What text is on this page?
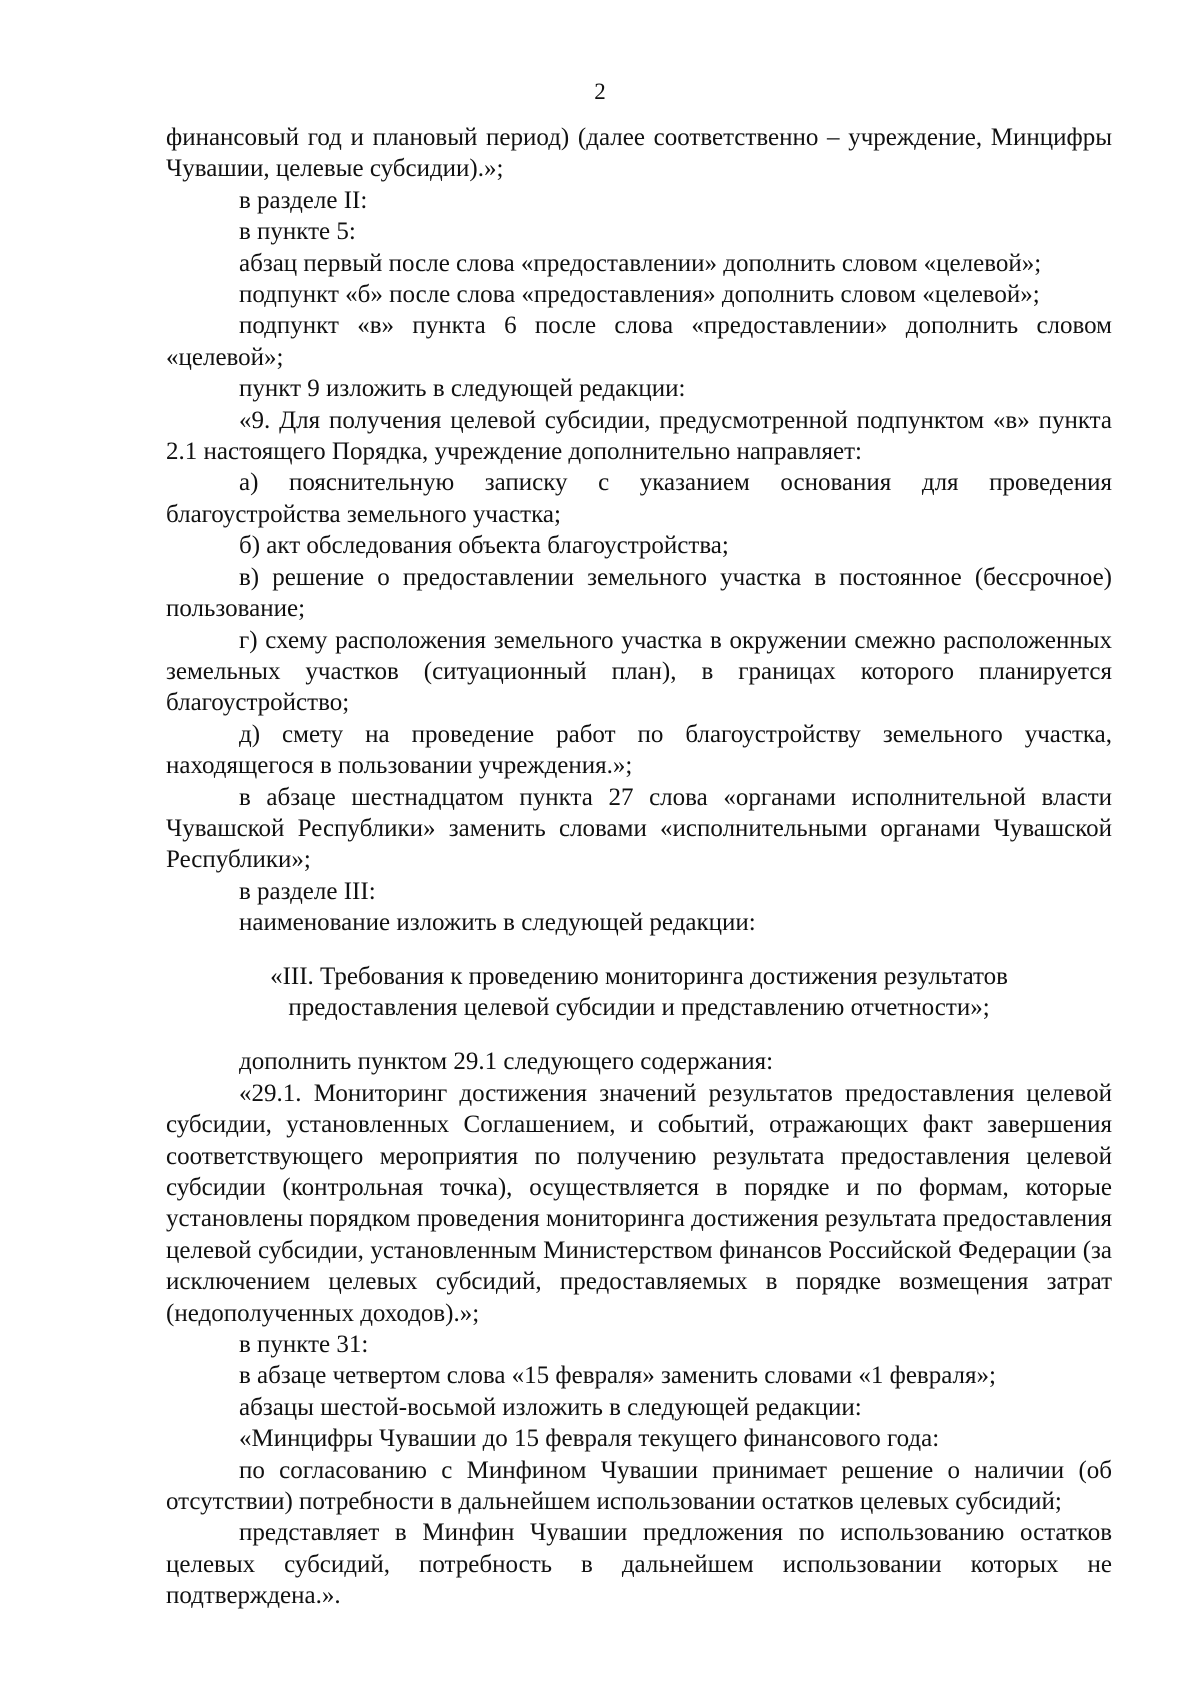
2

финансовый год и плановый период) (далее соответственно – учреждение, Минцифры Чувашии, целевые субсидии).»;

в разделе II:

в пункте 5:

абзац первый после слова «предоставлении» дополнить словом «целевой»;

подпункт «б» после слова «предоставления» дополнить словом «целевой»;

подпункт «в» пункта 6 после слова «предоставлении» дополнить словом «целевой»;

пункт 9 изложить в следующей редакции:

«9. Для получения целевой субсидии, предусмотренной подпунктом «в» пункта 2.1 настоящего Порядка, учреждение дополнительно направляет:

а) пояснительную записку с указанием основания для проведения благоустройства земельного участка;

б) акт обследования объекта благоустройства;

в) решение о предоставлении земельного участка в постоянное (бессрочное) пользование;

г) схему расположения земельного участка в окружении смежно расположенных земельных участков (ситуационный план), в границах которого планируется благоустройство;

д) смету на проведение работ по благоустройству земельного участка, находящегося в пользовании учреждения.»;

в абзаце шестнадцатом пункта 27 слова «органами исполнительной власти Чувашской Республики» заменить словами «исполнительными органами Чувашской Республики»;

в разделе III:

наименование изложить в следующей редакции:

«III. Требования к проведению мониторинга достижения результатов
предоставления целевой субсидии и представлению отчетности»;

дополнить пунктом 29.1 следующего содержания:

«29.1. Мониторинг достижения значений результатов предоставления целевой субсидии, установленных Соглашением, и событий, отражающих факт завершения соответствующего мероприятия по получению результата предоставления целевой субсидии (контрольная точка), осуществляется в порядке и по формам, которые установлены порядком проведения мониторинга достижения результата предоставления целевой субсидии, установленным Министерством финансов Российской Федерации (за исключением целевых субсидий, предоставляемых в порядке возмещения затрат (недополученных доходов).»;

в пункте 31:

в абзаце четвертом слова «15 февраля» заменить словами «1 февраля»;

абзацы шестой-восьмой изложить в следующей редакции:

«Минцифры Чувашии до 15 февраля текущего финансового года:

по согласованию с Минфином Чувашии принимает решение о наличии (об отсутствии) потребности в дальнейшем использовании остатков целевых субсидий;

представляет в Минфин Чувашии предложения по использованию остатков целевых субсидий, потребность в дальнейшем использовании которых не подтверждена.».
